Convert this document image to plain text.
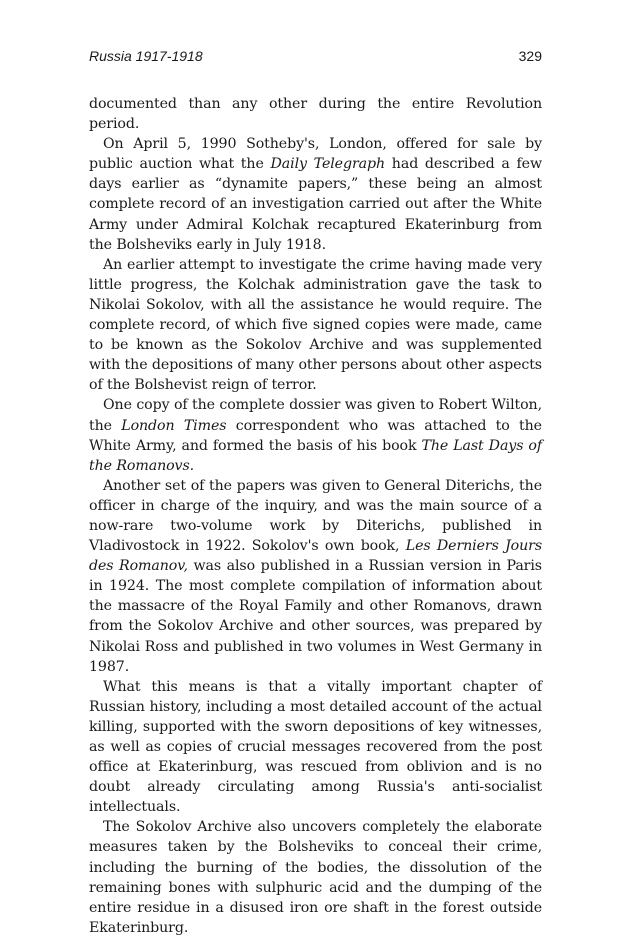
Russia 1917-1918	329

documented than any other during the entire Revolution period.

On April 5, 1990 Sotheby's, London, offered for sale by public auction what the Daily Telegraph had described a few days earlier as “dynamite papers,” these being an almost complete record of an investigation carried out after the White Army under Admiral Kolchak recaptured Ekaterinburg from the Bolsheviks early in July 1918.

An earlier attempt to investigate the crime having made very little progress, the Kolchak administration gave the task to Nikolai Sokolov, with all the assistance he would require. The complete record, of which five signed copies were made, came to be known as the Sokolov Archive and was supplemented with the depositions of many other persons about other aspects of the Bolshevist reign of terror.

One copy of the complete dossier was given to Robert Wilton, the London Times correspondent who was attached to the White Army, and formed the basis of his book The Last Days of the Romanovs.

Another set of the papers was given to General Diterichs, the officer in charge of the inquiry, and was the main source of a now-rare two-volume work by Diterichs, published in Vladivostock in 1922. Sokolov's own book, Les Derniers Jours des Romanov, was also published in a Russian version in Paris in 1924. The most complete compilation of information about the massacre of the Royal Family and other Romanovs, drawn from the Sokolov Archive and other sources, was prepared by Nikolai Ross and published in two volumes in West Germany in 1987.

What this means is that a vitally important chapter of Russian history, including a most detailed account of the actual killing, supported with the sworn depositions of key witnesses, as well as copies of crucial messages recovered from the post office at Ekaterinburg, was rescued from oblivion and is no doubt already circulating among Russia's anti-socialist intellectuals.

The Sokolov Archive also uncovers completely the elaborate measures taken by the Bolsheviks to conceal their crime, including the burning of the bodies, the dissolution of the remaining bones with sulphuric acid and the dumping of the entire residue in a disused iron ore shaft in the forest outside Ekaterinburg.
